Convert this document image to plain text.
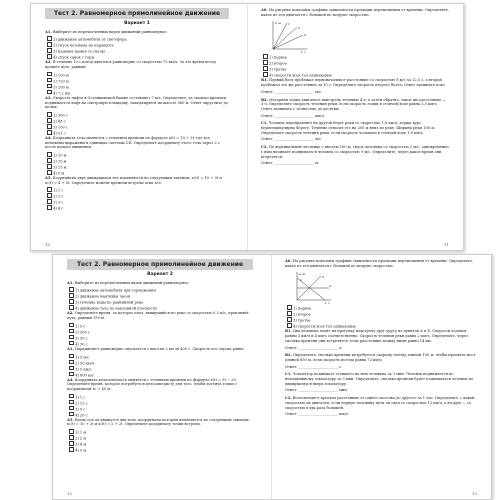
Тест 2. Равномерное прямолинейное движение
Вариант 1
А1. Выберите из перечисленных видов движений равномерное.
1) движение автомобиля от светофора
2) спуск человека на парашюте
3) падение камня со скалы
4) спуск санок с горы
А2. В течение 10 с поезд двигался равномерно со скоростью 72 км/ч. За это время поезд прошёл путь, равный
1) 100 м
2) 720 м
3) 200 м
4) 7,2 км
А3. Скорость лифта в Останкинской башне составляет 7 м/с. Определите, за сколько времени поднимается лифт на смотровую площадку, находящуюся на высоте 360 м. Ответ округлите до целых.
1) 360 с
2) 48 с
3) 100 с
4) 51 с
А4. Координата тела меняется с течением времени по формуле x(t) = 10 + 5t, где все величины выражены в единицах системы СИ. Определите координату этого тела через 2 с после начала движения.
1) 10 м
2) 20 м
3) 15 м
4) 5 м
А5. Координаты двух движущихся тел изменяются по следующим законам: x₁(t) = 10 + 3t и x₂(t) = 4 + 5t. Определите момент времени встречи этих тел.
1) 1 с
2) 2 с
3) 3 с
4) 4 с
10
А6. На рисунке показаны графики зависимости проекции перемещения от времени. Определите, какое из тел двигается с большей по модулю скоростью.
s, м
t, c
1
2
3
1) первое
2) второе
3) третье
4) скорости всех тел одинаковые
В1. Первый болт пробежал первоначальное расстояние со скоростью 8 м/с за 12,5 с, а второй пробежал это же расстояние за 10 с. Определите скорость второго болта. Ответ запишите в м/с.
Ответ: ______________________ м/с.
В2. Моторная лодка двигалась навстречу течению 4 ч, а затем обратно, такое же расстояние — 3 ч. Определите скорость течения реки, если скорость лодки в стоячей воде равна 3,5 км/ч. Ответ запишите с точностью до десятых.
Ответ: ______________________ км/ч.
С1. Человек переправляет на другой берег реки со скоростью 1,8 км/ч, держа курс перпендикулярно берегу. Течение относит его на 200 м вниз по реке. Ширина реки 100 м. Определите скорость течения реки, если скорость человека в стоячей воде 1,8 км/ч.
Ответ: ______________________ м/с.
С2. По вертикальной лестнице с высоты 100 м. спуск человека со скоростью 2 м/с, одновременно с ним начинает подниматься человек со скоростью 9 м/с. Определите, через какое время они встретятся.
Ответ: ______________________ м.
11
Тест 2. Равномерное прямолинейное движение
Вариант 2
А1. Выберите из перечисленных видов движений равномерное.
1) движение автомобиля при торможении
2) движение маятника часов
3) течение воды по равнинной реке
4) движение тела по наклонной плоскости
А2. Определите время, за которое плот, движущийся по реке со скоростью 0,5 м/с, проплывёт путь, равный 150 м.
1) 5 с
2) 300 с
3) 50 с
4) 30 с
А3. Парашютист равномерно опускается с высоты 2 км за 400 с. Скорость его спуска равна
1) 5 м/с
2) 50 км/ч
3) 5 км/с
4) 800 м/с
А4. Координата велосипедиста меняется с течением времени по формуле x(t) = 5t − 20. Определите время, которое потребуется велосипедисту для того, чтобы достичь точки с координатой x₀ = 45 м.
1) 1 с
2) 13 с
3) 5 с
4) 20 с
А5. Вдоль оси ох движутся два тела, координаты которых изменяются по следующим законам: x₁(t) = 10 + 2t и x₂(t) = 2 + 2t. Определите координату точки встречи.
1) 1 м
2) 2 м
3) 4 м
4) 5 м
12
А6. На рисунке показаны графики зависимости проекции перемещения от времени. Определите, какое из тел двигается с большей по модулю скоростью.
s, м
t, c
1
2
3
1) первое
2) второе
3) третье
4) скорости всех тел одинаковые
В1. Два человека ходят на прогулку навстречу друг другу из пунктов А и Б. Скорости ходоков равны 3 км/ч и 4 км/ч соответственно. Скорость течения реки равна 2 км/ч. Определите, через сколько времени они встретятся, если расстояние между ними равно 14 км.
Ответ: ______________________ ч.
В2. Определите, сколько времени потребуется скорому поезду длиной 150 м, чтобы проехать мост длиной 850 м, если скорость поезда равна 72 км/ч.
Ответ: ______________________ с.
С1. Эскалатор поднимает стоящего на нем человека за 1 мин. Человек поднимается по неподвижному эскалатору за 3 мин. Определите, сколько времени будет подниматься человек по движущемуся вверх эскалатору.
Ответ: ______________________ мин.
С2. Велосипедист проехал расстояние от одного поселка до другого за 1 час. Определите, с какой скоростью он двигался, если первую половину пути он ехал со скоростью 12 км/ч, а вторую — со скоростью в два раза большей.
Ответ: ______________________ км/ч.
13
